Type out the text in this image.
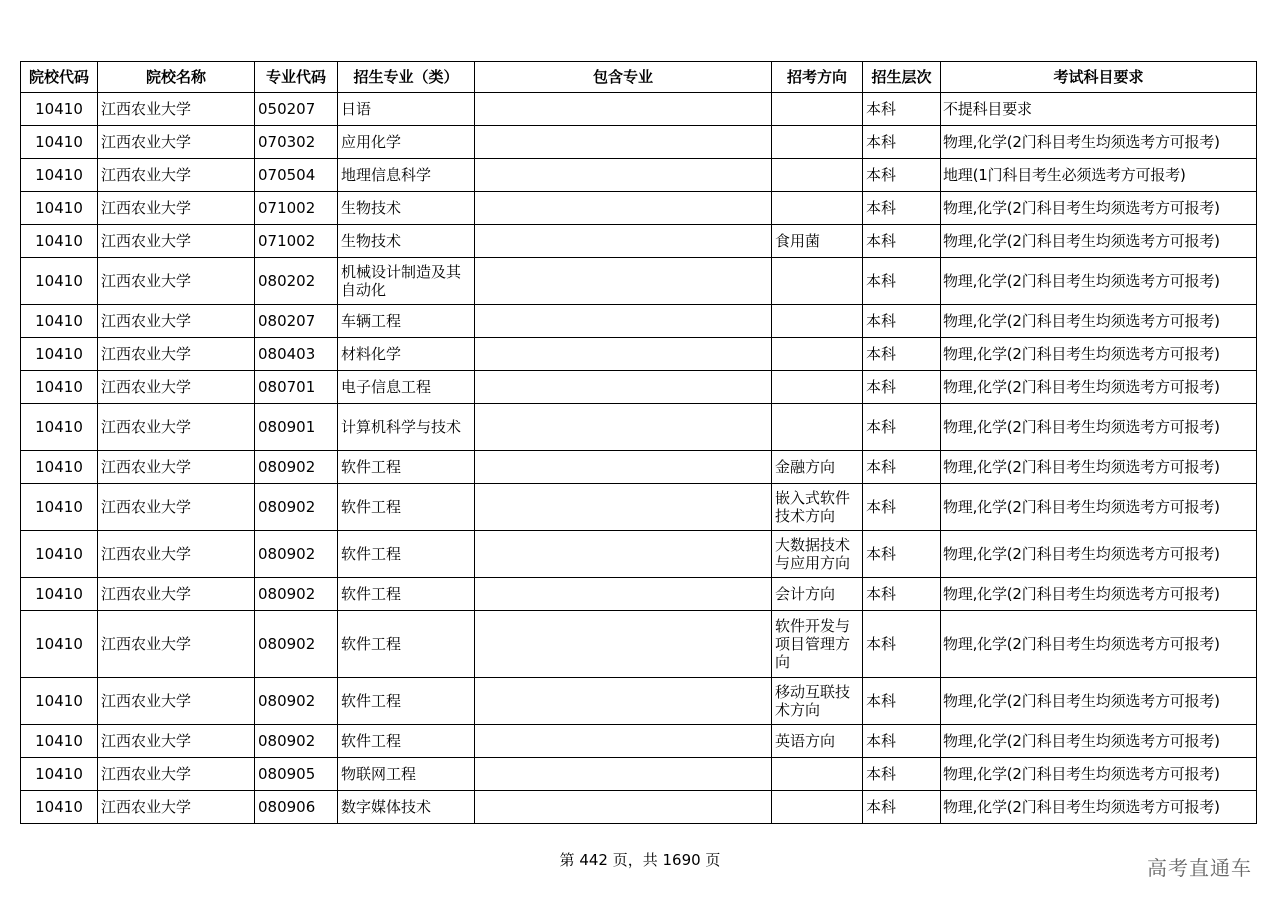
院校代码	院校名称	专业代码	招生专业（类）	包含专业	招考方向	招生层次	考试科目要求
10410	江西农业大学	050207	日语			本科	不提科目要求
10410	江西农业大学	070302	应用化学			本科	物理,化学(2门科目考生均须选考方可报考)
10410	江西农业大学	070504	地理信息科学			本科	地理(1门科目考生必须选考方可报考)
10410	江西农业大学	071002	生物技术			本科	物理,化学(2门科目考生均须选考方可报考)
10410	江西农业大学	071002	生物技术		食用菌	本科	物理,化学(2门科目考生均须选考方可报考)
10410	江西农业大学	080202	机械设计制造及其自动化			本科	物理,化学(2门科目考生均须选考方可报考)
10410	江西农业大学	080207	车辆工程			本科	物理,化学(2门科目考生均须选考方可报考)
10410	江西农业大学	080403	材料化学			本科	物理,化学(2门科目考生均须选考方可报考)
10410	江西农业大学	080701	电子信息工程			本科	物理,化学(2门科目考生均须选考方可报考)
10410	江西农业大学	080901	计算机科学与技术			本科	物理,化学(2门科目考生均须选考方可报考)
10410	江西农业大学	080902	软件工程		金融方向	本科	物理,化学(2门科目考生均须选考方可报考)
10410	江西农业大学	080902	软件工程		嵌入式软件技术方向	本科	物理,化学(2门科目考生均须选考方可报考)
10410	江西农业大学	080902	软件工程		大数据技术与应用方向	本科	物理,化学(2门科目考生均须选考方可报考)
10410	江西农业大学	080902	软件工程		会计方向	本科	物理,化学(2门科目考生均须选考方可报考)
10410	江西农业大学	080902	软件工程		软件开发与项目管理方向	本科	物理,化学(2门科目考生均须选考方可报考)
10410	江西农业大学	080902	软件工程		移动互联技术方向	本科	物理,化学(2门科目考生均须选考方可报考)
10410	江西农业大学	080902	软件工程		英语方向	本科	物理,化学(2门科目考生均须选考方可报考)
10410	江西农业大学	080905	物联网工程			本科	物理,化学(2门科目考生均须选考方可报考)
10410	江西农业大学	080906	数字媒体技术			本科	物理,化学(2门科目考生均须选考方可报考)
第 442 页，共 1690 页	高考直通车
